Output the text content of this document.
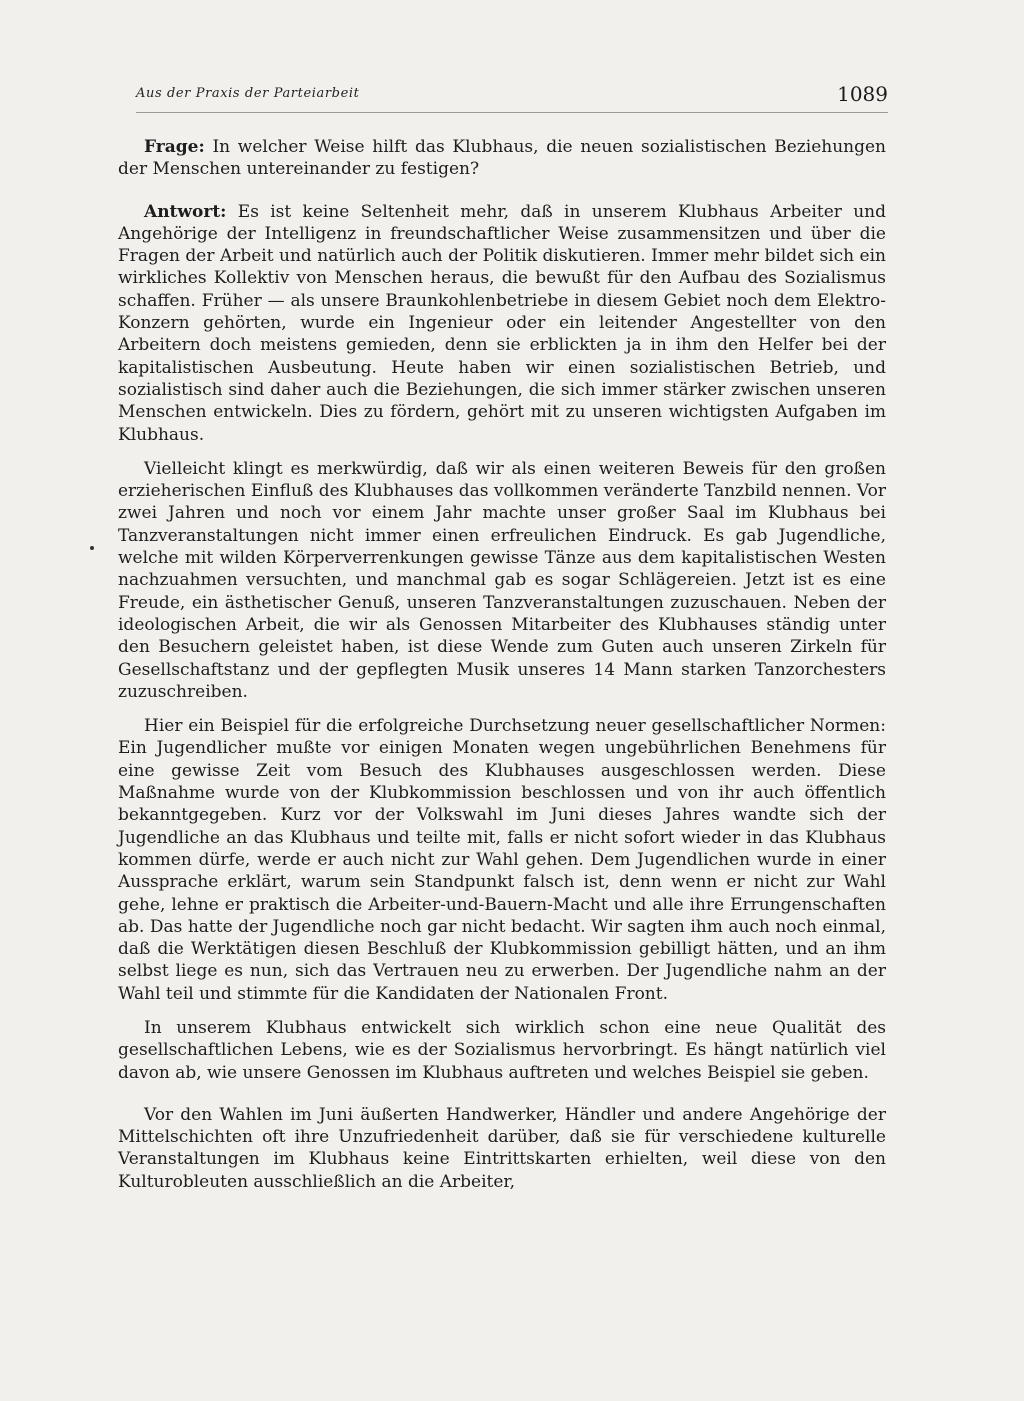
Aus der Praxis der Parteiarbeit	1089

Frage: In welcher Weise hilft das Klubhaus, die neuen sozialistischen Beziehungen der Menschen untereinander zu festigen?

Antwort: Es ist keine Seltenheit mehr, daß in unserem Klubhaus Arbeiter und Angehörige der Intelligenz in freundschaftlicher Weise zusammensitzen und über die Fragen der Arbeit und natürlich auch der Politik diskutieren. Immer mehr bildet sich ein wirkliches Kollektiv von Menschen heraus, die bewußt für den Aufbau des Sozialismus schaffen. Früher — als unsere Braunkohlenbetriebe in diesem Gebiet noch dem Elektro-Konzern gehörten, wurde ein Ingenieur oder ein leitender Angestellter von den Arbeitern doch meistens gemieden, denn sie erblickten ja in ihm den Helfer bei der kapitalistischen Ausbeutung. Heute haben wir einen sozialistischen Betrieb, und sozialistisch sind daher auch die Beziehungen, die sich immer stärker zwischen unseren Menschen entwickeln. Dies zu fördern, gehört mit zu unseren wichtigsten Aufgaben im Klubhaus.

Vielleicht klingt es merkwürdig, daß wir als einen weiteren Beweis für den großen erzieherischen Einfluß des Klubhauses das vollkommen veränderte Tanzbild nennen. Vor zwei Jahren und noch vor einem Jahr machte unser großer Saal im Klubhaus bei Tanzveranstaltungen nicht immer einen erfreulichen Eindruck. Es gab Jugendliche, welche mit wilden Körperverrenkungen gewisse Tänze aus dem kapitalistischen Westen nachzuahmen versuchten, und manchmal gab es sogar Schlägereien. Jetzt ist es eine Freude, ein ästhetischer Genuß, unseren Tanzveranstaltungen zuzuschauen. Neben der ideologischen Arbeit, die wir als Genossen Mitarbeiter des Klubhauses ständig unter den Besuchern geleistet haben, ist diese Wende zum Guten auch unseren Zirkeln für Gesellschaftstanz und der gepflegten Musik unseres 14 Mann starken Tanzorchesters zuzuschreiben.

Hier ein Beispiel für die erfolgreiche Durchsetzung neuer gesellschaftlicher Normen: Ein Jugendlicher mußte vor einigen Monaten wegen ungebührlichen Benehmens für eine gewisse Zeit vom Besuch des Klubhauses ausgeschlossen werden. Diese Maßnahme wurde von der Klubkommission beschlossen und von ihr auch öffentlich bekanntgegeben. Kurz vor der Volkswahl im Juni dieses Jahres wandte sich der Jugendliche an das Klubhaus und teilte mit, falls er nicht sofort wieder in das Klubhaus kommen dürfe, werde er auch nicht zur Wahl gehen. Dem Jugendlichen wurde in einer Aussprache erklärt, warum sein Standpunkt falsch ist, denn wenn er nicht zur Wahl gehe, lehne er praktisch die Arbeiter-und-Bauern-Macht und alle ihre Errungenschaften ab. Das hatte der Jugendliche noch gar nicht bedacht. Wir sagten ihm auch noch einmal, daß die Werktätigen diesen Beschluß der Klubkommission gebilligt hätten, und an ihm selbst liege es nun, sich das Vertrauen neu zu erwerben. Der Jugendliche nahm an der Wahl teil und stimmte für die Kandidaten der Nationalen Front.

In unserem Klubhaus entwickelt sich wirklich schon eine neue Qualität des gesellschaftlichen Lebens, wie es der Sozialismus hervorbringt. Es hängt natürlich viel davon ab, wie unsere Genossen im Klubhaus auftreten und welches Beispiel sie geben.

Vor den Wahlen im Juni äußerten Handwerker, Händler und andere Angehörige der Mittelschichten oft ihre Unzufriedenheit darüber, daß sie für verschiedene kulturelle Veranstaltungen im Klubhaus keine Eintrittskarten erhielten, weil diese von den Kulturobleuten ausschließlich an die Arbeiter,
